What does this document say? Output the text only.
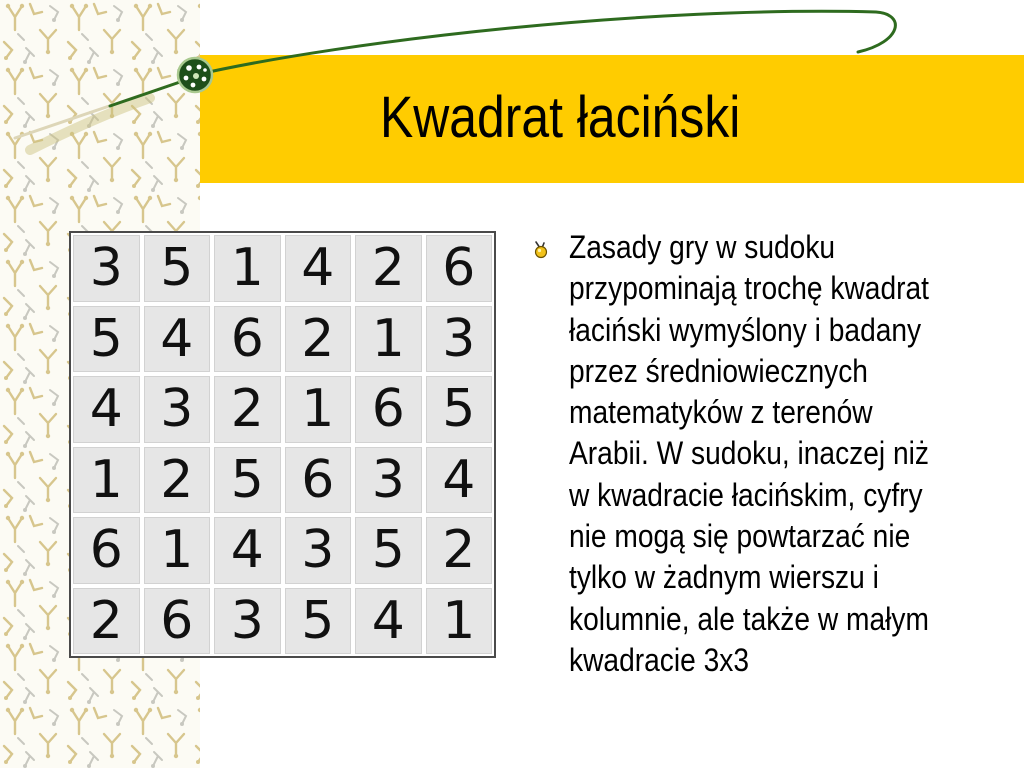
Kwadrat łaciński
3 5 1 4 2 6
5 4 6 2 1 3
4 3 2 1 6 5
1 2 5 6 3 4
6 1 4 3 5 2
2 6 3 5 4 1
Zasady gry w sudoku
przypominają trochę kwadrat
łaciński wymyślony i badany
przez średniowiecznych
matematyków z terenów
Arabii. W sudoku, inaczej niż
w kwadracie łacińskim, cyfry
nie mogą się powtarzać nie
tylko w żadnym wierszu i
kolumnie, ale także w małym
kwadracie 3x3
